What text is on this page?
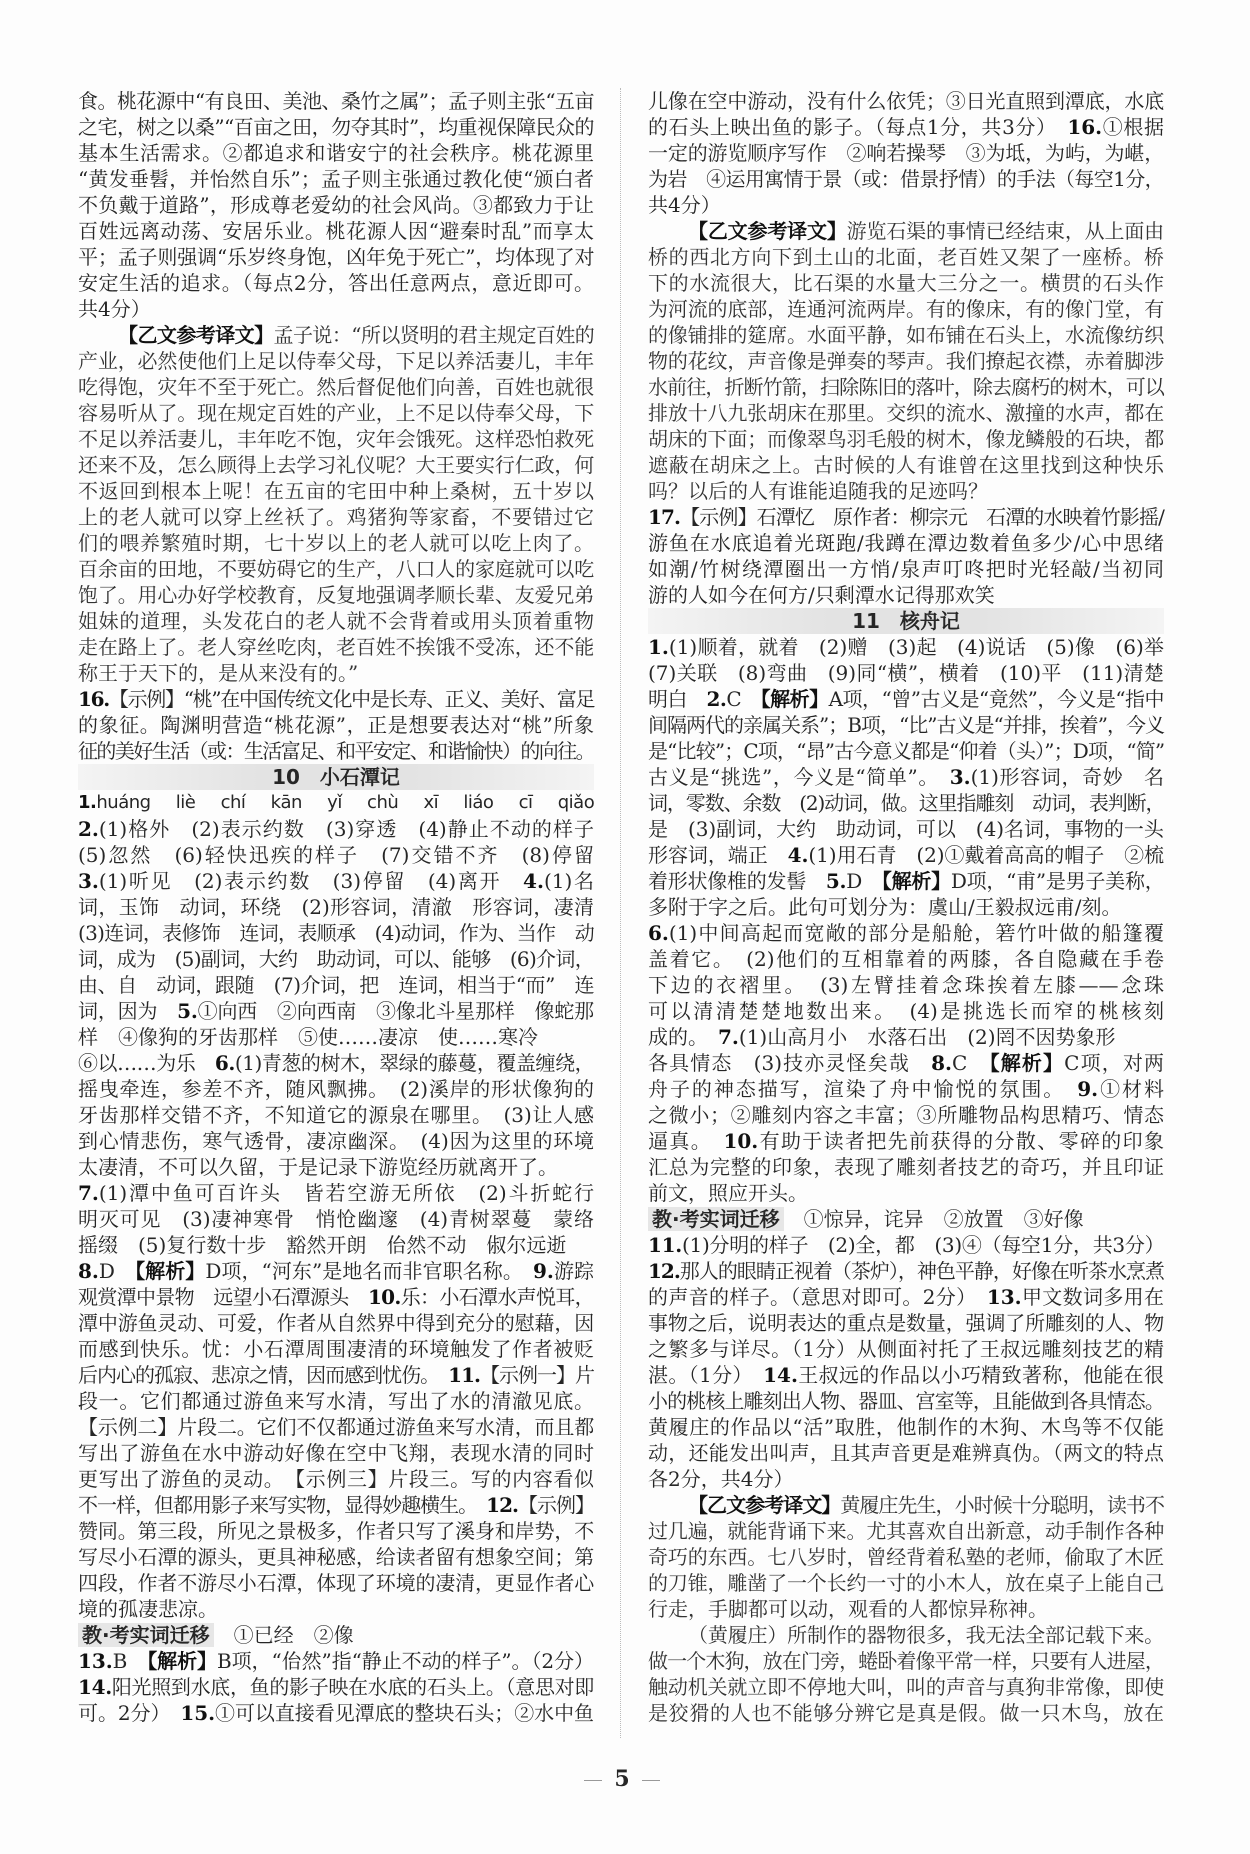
食。桃花源中“有良田、美池、桑竹之属”；孟子则主张“五亩
之宅，树之以桑”“百亩之田，勿夺其时”，均重视保障民众的
基本生活需求。②都追求和谐安宁的社会秩序。桃花源里
“黄发垂髫，并怡然自乐”；孟子则主张通过教化使“颁白者
不负戴于道路”，形成尊老爱幼的社会风尚。③都致力于让
百姓远离动荡、安居乐业。桃花源人因“避秦时乱”而享太
平；孟子则强调“乐岁终身饱，凶年免于死亡”，均体现了对
安定生活的追求。（每点2分，答出任意两点，意近即可。
共4分）
【乙文参考译文】孟子说：“所以贤明的君主规定百姓的
产业，必然使他们上足以侍奉父母，下足以养活妻儿，丰年
吃得饱，灾年不至于死亡。然后督促他们向善，百姓也就很
容易听从了。现在规定百姓的产业，上不足以侍奉父母，下
不足以养活妻儿，丰年吃不饱，灾年会饿死。这样恐怕救死
还来不及，怎么顾得上去学习礼仪呢？大王要实行仁政，何
不返回到根本上呢！在五亩的宅田中种上桑树，五十岁以
上的老人就可以穿上丝袄了。鸡猪狗等家畜，不要错过它
们的喂养繁殖时期，七十岁以上的老人就可以吃上肉了。
百余亩的田地，不要妨碍它的生产，八口人的家庭就可以吃
饱了。用心办好学校教育，反复地强调孝顺长辈、友爱兄弟
姐妹的道理，头发花白的老人就不会背着或用头顶着重物
走在路上了。老人穿丝吃肉，老百姓不挨饿不受冻，还不能
称王于天下的，是从来没有的。”
16.【示例】“桃”在中国传统文化中是长寿、正义、美好、富足
的象征。陶渊明营造“桃花源”，正是想要表达对“桃”所象
征的美好生活（或：生活富足、和平安定、和谐愉快）的向往。
10　小石潭记
1.huáng liè chí kān yǐ chù xī liáo cī qiǎo
2.(1)格外　(2)表示约数　(3)穿透　(4)静止不动的样子
(5)忽然　(6)轻快迅疾的样子　(7)交错不齐　(8)停留
3.(1)听见　(2)表示约数　(3)停留　(4)离开　4.(1)名
词，玉饰　动词，环绕　(2)形容词，清澈　形容词，凄清
(3)连词，表修饰　连词，表顺承　(4)动词，作为、当作　动
词，成为　(5)副词，大约　助动词，可以、能够　(6)介词，
由、自　动词，跟随　(7)介词，把　连词，相当于“而”　连
词，因为　5.①向西　②向西南　③像北斗星那样　像蛇那
样　④像狗的牙齿那样　⑤使……凄凉　使……寒冷
⑥以……为乐　6.(1)青葱的树木，翠绿的藤蔓，覆盖缠绕，
摇曳牵连，参差不齐，随风飘拂。　(2)溪岸的形状像狗的
牙齿那样交错不齐，不知道它的源泉在哪里。　(3)让人感
到心情悲伤，寒气透骨，凄凉幽深。　(4)因为这里的环境
太凄清，不可以久留，于是记录下游览经历就离开了。
7.(1)潭中鱼可百许头　皆若空游无所依　(2)斗折蛇行
明灭可见　(3)凄神寒骨　悄怆幽邃　(4)青树翠蔓　蒙络
摇缀　(5)复行数十步　豁然开朗　佁然不动　俶尔远逝
8.D　【解析】D项，“河东”是地名而非官职名称。　9.游踪
观赏潭中景物　远望小石潭源头　10.乐：小石潭水声悦耳，
潭中游鱼灵动、可爱，作者从自然界中得到充分的慰藉，因
而感到快乐。忧：小石潭周围凄清的环境触发了作者被贬
后内心的孤寂、悲凉之情，因而感到忧伤。　11.【示例一】片
段一。它们都通过游鱼来写水清，写出了水的清澈见底。
【示例二】片段二。它们不仅都通过游鱼来写水清，而且都
写出了游鱼在水中游动好像在空中飞翔，表现水清的同时
更写出了游鱼的灵动。　【示例三】片段三。写的内容看似
不一样，但都用影子来写实物，显得妙趣横生。　12.【示例】
赞同。第三段，所见之景极多，作者只写了溪身和岸势，不
写尽小石潭的源头，更具神秘感，给读者留有想象空间；第
四段，作者不游尽小石潭，体现了环境的凄清，更显作者心
境的孤凄悲凉。
教·考实词迁移　①已经　②像
13.B　【解析】B项，“佁然”指“静止不动的样子”。（2分）
14.阳光照到水底，鱼的影子映在水底的石头上。（意思对即
可。2分）　15.①可以直接看见潭底的整块石头；②水中鱼
儿像在空中游动，没有什么依凭；③日光直照到潭底，水底
的石头上映出鱼的影子。（每点1分，共3分）　16.①根据
一定的游览顺序写作　②响若操琴　③为坻，为屿，为嵁，
为岩　④运用寓情于景（或：借景抒情）的手法（每空1分，
共4分）
【乙文参考译文】游览石渠的事情已经结束，从上面由
桥的西北方向下到土山的北面，老百姓又架了一座桥。桥
下的水流很大，比石渠的水量大三分之一。横贯的石头作
为河流的底部，连通河流两岸。有的像床，有的像门堂，有
的像铺排的筵席。水面平静，如布铺在石头上，水流像纺织
物的花纹，声音像是弹奏的琴声。我们撩起衣襟，赤着脚涉
水前往，折断竹箭，扫除陈旧的落叶，除去腐朽的树木，可以
排放十八九张胡床在那里。交织的流水、激撞的水声，都在
胡床的下面；而像翠鸟羽毛般的树木，像龙鳞般的石块，都
遮蔽在胡床之上。古时候的人有谁曾在这里找到这种快乐
吗？以后的人有谁能追随我的足迹吗？
17.【示例】石潭忆　原作者：柳宗元　石潭的水映着竹影摇/
游鱼在水底追着光斑跑/我蹲在潭边数着鱼多少/心中思绪
如潮/竹树绕潭圈出一方悄/泉声叮咚把时光轻敲/当初同
游的人如今在何方/只剩潭水记得那欢笑
11　核舟记
1.(1)顺着，就着　(2)赠　(3)起　(4)说话　(5)像　(6)举
(7)关联　(8)弯曲　(9)同“横”，横着　(10)平　(11)清楚
明白　2.C　【解析】A项，“曾”古义是“竟然”，今义是“指中
间隔两代的亲属关系”；B项，“比”古义是“并排，挨着”，今义
是“比较”；C项，“昂”古今意义都是“仰着（头）”；D项，“简”
古义是“挑选”，今义是“简单”。　3.(1)形容词，奇妙　名
词，零数、余数　(2)动词，做。这里指雕刻　动词，表判断，
是　(3)副词，大约　助动词，可以　(4)名词，事物的一头
形容词，端正　4.(1)用石青　(2)①戴着高高的帽子　②梳
着形状像椎的发髻　5.D　【解析】D项，“甫”是男子美称，
多附于字之后。此句可划分为：虞山/王毅叔远甫/刻。
6.(1)中间高起而宽敞的部分是船舱，箬竹叶做的船篷覆
盖着它。　(2)他们的互相靠着的两膝，各自隐藏在手卷
下边的衣褶里。　(3)左臂挂着念珠挨着左膝——念珠
可以清清楚楚地数出来。　(4)是挑选长而窄的桃核刻
成的。　7.(1)山高月小　水落石出　(2)罔不因势象形
各具情态　(3)技亦灵怪矣哉　8.C　【解析】C项，对两
舟子的神态描写，渲染了舟中愉悦的氛围。　9.①材料
之微小；②雕刻内容之丰富；③所雕物品构思精巧、情态
逼真。　10.有助于读者把先前获得的分散、零碎的印象
汇总为完整的印象，表现了雕刻者技艺的奇巧，并且印证
前文，照应开头。
教·考实词迁移　①惊异，诧异　②放置　③好像
11.(1)分明的样子　(2)全，都　(3)④（每空1分，共3分）
12.那人的眼睛正视着（茶炉），神色平静，好像在听茶水烹煮
的声音的样子。（意思对即可。2分）　13.甲文数词多用在
事物之后，说明表达的重点是数量，强调了所雕刻的人、物
之繁多与详尽。（1分）从侧面衬托了王叔远雕刻技艺的精
湛。（1分）　14.王叔远的作品以小巧精致著称，他能在很
小的桃核上雕刻出人物、器皿、宫室等，且能做到各具情态。
黄履庄的作品以“活”取胜，他制作的木狗、木鸟等不仅能
动，还能发出叫声，且其声音更是难辨真伪。（两文的特点
各2分，共4分）
【乙文参考译文】黄履庄先生，小时候十分聪明，读书不
过几遍，就能背诵下来。尤其喜欢自出新意，动手制作各种
奇巧的东西。七八岁时，曾经背着私塾的老师，偷取了木匠
的刀锥，雕凿了一个长约一寸的小木人，放在桌子上能自己
行走，手脚都可以动，观看的人都惊异称神。
（黄履庄）所制作的器物很多，我无法全部记载下来。
做一个木狗，放在门旁，蜷卧着像平常一样，只要有人进屋，
触动机关就立即不停地大叫，叫的声音与真狗非常像，即使
是狡猾的人也不能够分辨它是真是假。做一只木鸟，放在
5
